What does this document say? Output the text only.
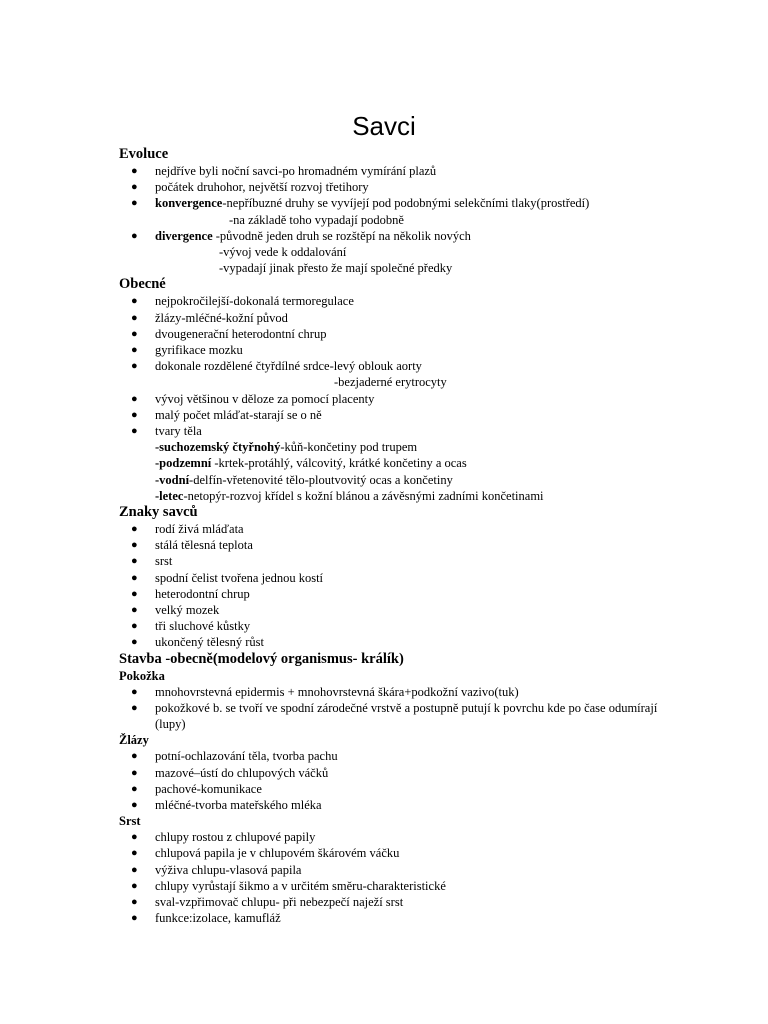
Savci
Evoluce
● nejdříve byli noční savci-po hromadném vymírání plazů
● počátek druhohor, největší rozvoj třetihory
● konvergence-nepříbuzné druhy se vyvíjejí pod podobnými selekčními tlaky(prostředí)
-na základě toho vypadají podobně
● divergence -původně jeden druh se rozštěpí na několik nových
-vývoj vede k oddalování
-vypadají jinak přesto že mají společné předky
Obecné
● nejpokročilejší-dokonalá termoregulace
● žlázy-mléčné-kožní původ
● dvougenerační heterodontní chrup
● gyrifikace mozku
● dokonale rozdělené čtyřdílné srdce-levý oblouk aorty
-bezjaderné erytrocyty
● vývoj většinou v děloze za pomocí placenty
● malý počet mláďat-starají se o ně
● tvary těla
-suchozemský čtyřnohý-kůň-končetiny pod trupem
-podzemní -krtek-protáhlý, válcovitý, krátké končetiny a ocas
-vodní-delfín-vřetenovité tělo-ploutvovitý ocas a končetiny
-letec-netopýr-rozvoj křídel s kožní blánou a závěsnými zadními končetinami
Znaky savců
● rodí živá mláďata
● stálá tělesná teplota
● srst
● spodní čelist tvořena jednou kostí
● heterodontní chrup
● velký mozek
● tři sluchové kůstky
● ukončený tělesný růst
Stavba -obecně(modelový organismus- králík)
Pokožka
● mnohovrstevná epidermis + mnohovrstevná škára+podkožní vazivo(tuk)
● pokožkové b. se tvoří ve spodní zárodečné vrstvě a postupně putují k povrchu kde po čase odumírají
(lupy)
Žlázy
● potní-ochlazování těla, tvorba pachu
● mazové–ústí do chlupových váčků
● pachové-komunikace
● mléčné-tvorba mateřského mléka
Srst
● chlupy rostou z chlupové papily
● chlupová papila je v chlupovém škárovém váčku
● výživa chlupu-vlasová papila
● chlupy vyrůstají šikmo a v určitém směru-charakteristické
● sval-vzpřimovač chlupu- při nebezpečí naježí srst
● funkce:izolace, kamufláž
